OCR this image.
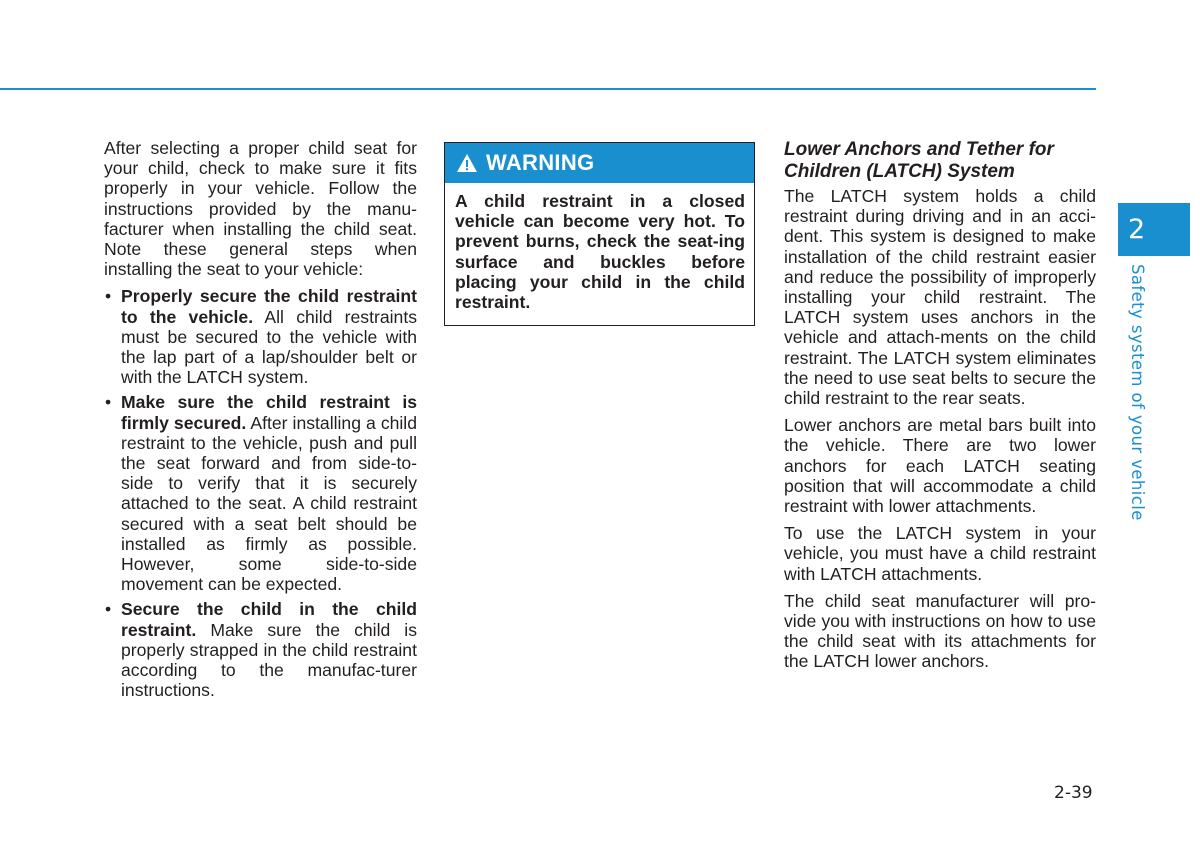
After selecting a proper child seat for your child, check to make sure it fits properly in your vehicle. Follow the instructions provided by the manu-facturer when installing the child seat. Note these general steps when installing the seat to your vehicle:

• Properly secure the child restraint to the vehicle. All child restraints must be secured to the vehicle with the lap part of a lap/shoulder belt or with the LATCH system.
• Make sure the child restraint is firmly secured. After installing a child restraint to the vehicle, push and pull the seat forward and from side-to-side to verify that it is securely attached to the seat. A child restraint secured with a seat belt should be installed as firmly as possible. However, some side-to-side movement can be expected.
• Secure the child in the child restraint. Make sure the child is properly strapped in the child restraint according to the manufac-turer instructions.
WARNING
A child restraint in a closed vehicle can become very hot. To prevent burns, check the seat-ing surface and buckles before placing your child in the child restraint.
Lower Anchors and Tether for Children (LATCH) System

The LATCH system holds a child restraint during driving and in an acci-dent. This system is designed to make installation of the child restraint easier and reduce the possibility of improperly installing your child restraint. The LATCH system uses anchors in the vehicle and attach-ments on the child restraint. The LATCH system eliminates the need to use seat belts to secure the child restraint to the rear seats.

Lower anchors are metal bars built into the vehicle. There are two lower anchors for each LATCH seating position that will accommodate a child restraint with lower attachments.

To use the LATCH system in your vehicle, you must have a child restraint with LATCH attachments.

The child seat manufacturer will pro-vide you with instructions on how to use the child seat with its attachments for the LATCH lower anchors.

2
Safety system of your vehicle
2-39
